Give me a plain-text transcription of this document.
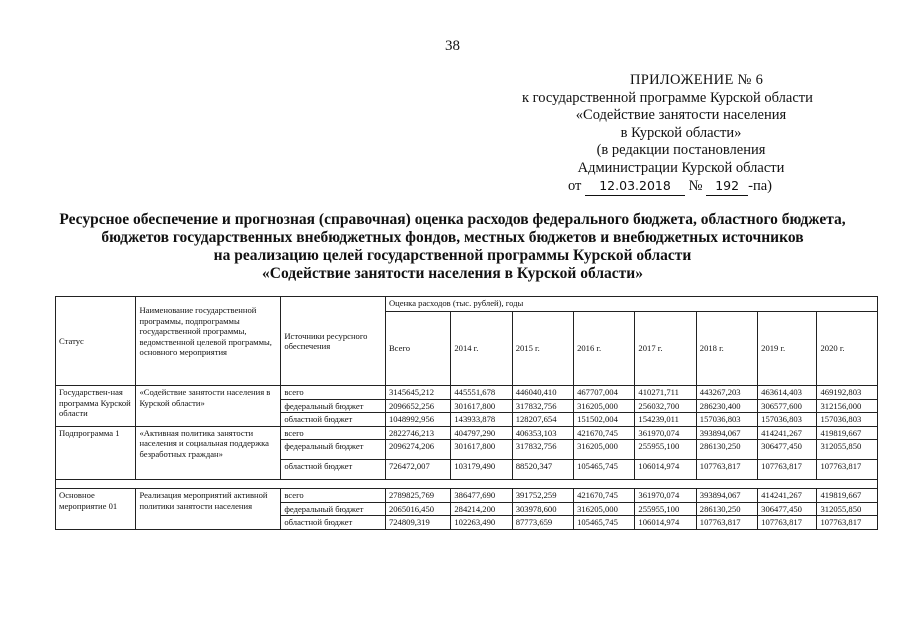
38
ПРИЛОЖЕНИЕ № 6
к государственной программе Курской области
«Содействие занятости населения
в Курской области»
(в редакции постановления
Администрации Курской области
от 12.03.2018 № 192 -па)
Ресурсное обеспечение и прогнозная (справочная) оценка расходов федерального бюджета, областного бюджета,
бюджетов государственных внебюджетных фондов, местных бюджетов и внебюджетных источников
на реализацию целей государственной программы Курской области
«Содействие занятости населения в Курской области»
Статус	Наименование государственной программы, подпрограммы государственной программы, ведомственной целевой программы, основного мероприятия	Источники ресурсного обеспечения	Оценка расходов (тыс. рублей), годы							
			Всего	2014 г.	2015 г.	2016 г.	2017 г.	2018 г.	2019 г.	2020 г.
Государствен-ная программа Курской области	«Содействие занятости населения в Курской области»	всего	3145645,212	445551,678	446040,410	467707,004	410271,711	443267,203	463614,403	469192,803
		федеральный бюджет	2096652,256	301617,800	317832,756	316205,000	256032,700	286230,400	306577,600	312156,000
		областной бюджет	1048992,956	143933,878	128207,654	151502,004	154239,011	157036,803	157036,803	157036,803
Подпрограмма 1	«Активная политика занятости населения и социальная поддержка безработных граждан»	всего	2822746,213	404797,290	406353,103	421670,745	361970,074	393894,067	414241,267	419819,667
		федеральный бюджет	2096274,206	301617,800	317832,756	316205,000	255955,100	286130,250	306477,450	312055,850
		областной бюджет	726472,007	103179,490	88520,347	105465,745	106014,974	107763,817	107763,817	107763,817

Основное мероприятие 01	Реализация мероприятий активной политики занятости населения	всего	2789825,769	386477,690	391752,259	421670,745	361970,074	393894,067	414241,267	419819,667
		федеральный бюджет	2065016,450	284214,200	303978,600	316205,000	255955,100	286130,250	306477,450	312055,850
		областной бюджет	724809,319	102263,490	87773,659	105465,745	106014,974	107763,817	107763,817	107763,817
